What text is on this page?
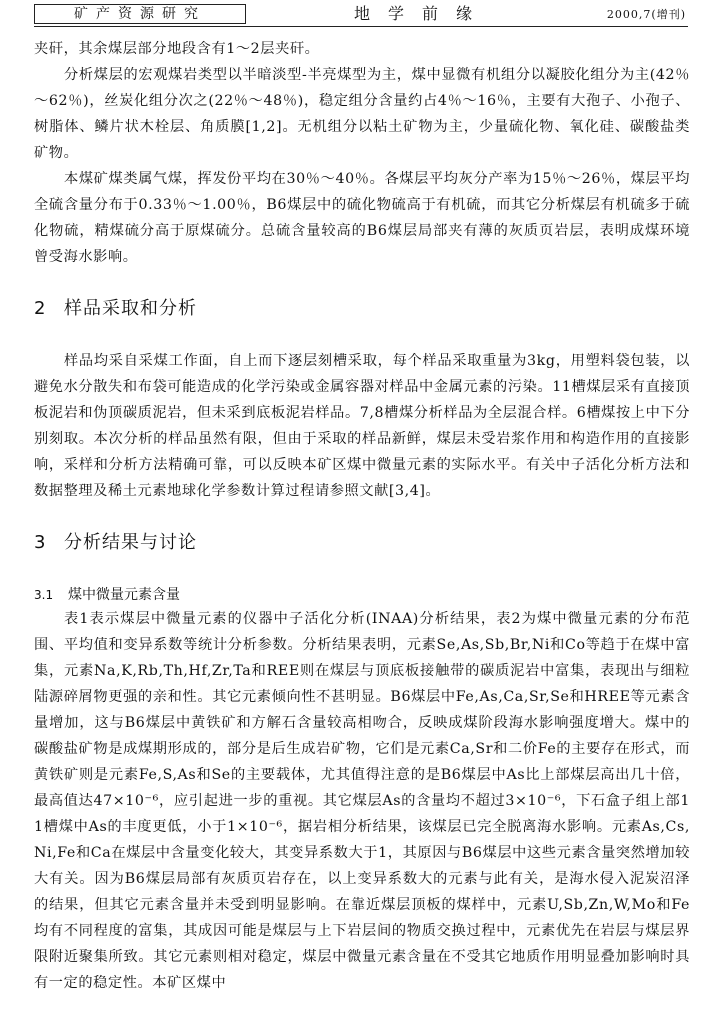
矿产资源研究	地学前缘	2000,7(增刊)

夹矸，其余煤层部分地段含有1～2层夹矸。

分析煤层的宏观煤岩类型以半暗淡型-半亮煤型为主，煤中显微有机组分以凝胶化组分为主(42％～62％)，丝炭化组分次之(22％～48％)，稳定组分含量约占4％～16％，主要有大孢子、小孢子、树脂体、鳞片状木栓层、角质膜[1,2]。无机组分以粘土矿物为主，少量硫化物、氧化硅、碳酸盐类矿物。

本煤矿煤类属气煤，挥发份平均在30％～40％。各煤层平均灰分产率为15％～26％，煤层平均全硫含量分布于0.33％～1.00％，B6煤层中的硫化物硫高于有机硫，而其它分析煤层有机硫多于硫化物硫，精煤硫分高于原煤硫分。总硫含量较高的B6煤层局部夹有薄的灰质页岩层，表明成煤环境曾受海水影响。

2 样品采取和分析

样品均采自采煤工作面，自上而下逐层刻槽采取，每个样品采取重量为3kg，用塑料袋包装，以避免水分散失和布袋可能造成的化学污染或金属容器对样品中金属元素的污染。11槽煤层采有直接顶板泥岩和伪顶碳质泥岩，但未采到底板泥岩样品。7,8槽煤分析样品为全层混合样。6槽煤按上中下分别刻取。本次分析的样品虽然有限，但由于采取的样品新鲜，煤层未受岩浆作用和构造作用的直接影响，采样和分析方法精确可靠，可以反映本矿区煤中微量元素的实际水平。有关中子活化分析方法和数据整理及稀土元素地球化学参数计算过程请参照文献[3,4]。

3 分析结果与讨论
3.1 煤中微量元素含量

表1表示煤层中微量元素的仪器中子活化分析(INAA)分析结果，表2为煤中微量元素的分布范围、平均值和变异系数等统计分析参数。分析结果表明，元素Se,As,Sb,Br,Ni和Co等趋于在煤中富集，元素Na,K,Rb,Th,Hf,Zr,Ta和REE则在煤层与顶底板接触带的碳质泥岩中富集，表现出与细粒陆源碎屑物更强的亲和性。其它元素倾向性不甚明显。B6煤层中Fe,As,Ca,Sr,Se和HREE等元素含量增加，这与B6煤层中黄铁矿和方解石含量较高相吻合，反映成煤阶段海水影响强度增大。煤中的碳酸盐矿物是成煤期形成的，部分是后生成岩矿物，它们是元素Ca,Sr和二价Fe的主要存在形式，而黄铁矿则是元素Fe,S,As和Se的主要载体，尤其值得注意的是B6煤层中As比上部煤层高出几十倍，最高值达47×10⁻⁶，应引起进一步的重视。其它煤层As的含量均不超过3×10⁻⁶，下石盒子组上部11槽煤中As的丰度更低，小于1×10⁻⁶，据岩相分析结果，该煤层已完全脱离海水影响。元素As,Cs,Ni,Fe和Ca在煤层中含量变化较大，其变异系数大于1，其原因与B6煤层中这些元素含量突然增加较大有关。因为B6煤层局部有灰质页岩存在，以上变异系数大的元素与此有关，是海水侵入泥炭沼泽的结果，但其它元素含量并未受到明显影响。在靠近煤层顶板的煤样中，元素U,Sb,Zn,W,Mo和Fe均有不同程度的富集，其成因可能是煤层与上下岩层间的物质交换过程中，元素优先在岩层与煤层界限附近聚集所致。其它元素则相对稳定，煤层中微量元素含量在不受其它地质作用明显叠加影响时具有一定的稳定性。本矿区煤中
